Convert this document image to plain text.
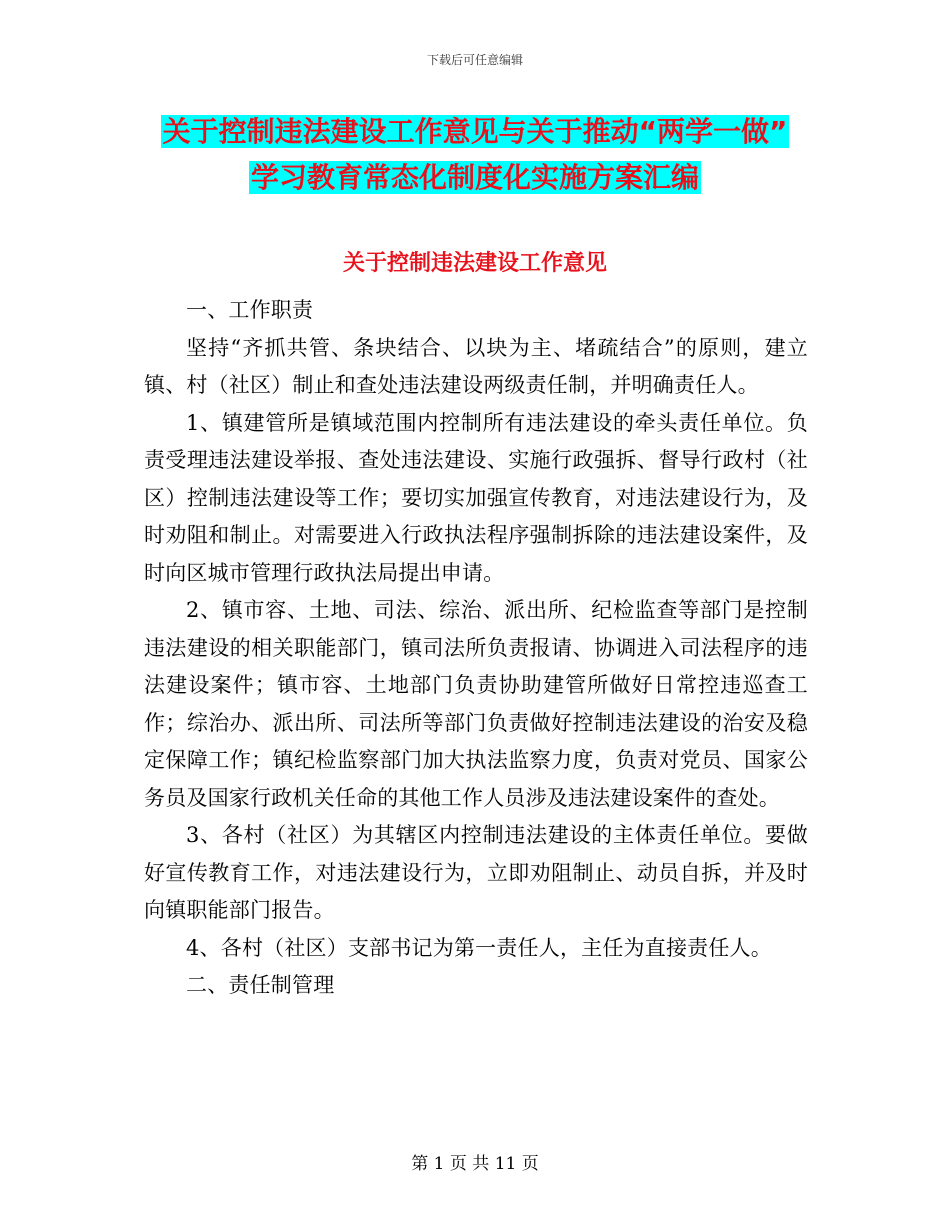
下载后可任意编辑
关于控制违法建设工作意见与关于推动“两学一做”
学习教育常态化制度化实施方案汇编
关于控制违法建设工作意见

一、工作职责

坚持“齐抓共管、条块结合、以块为主、堵疏结合”的原则，建立镇、村（社区）制止和查处违法建设两级责任制，并明确责任人。

1、镇建管所是镇域范围内控制所有违法建设的牵头责任单位。负责受理违法建设举报、查处违法建设、实施行政强拆、督导行政村（社区）控制违法建设等工作；要切实加强宣传教育，对违法建设行为，及时劝阻和制止。对需要进入行政执法程序强制拆除的违法建设案件，及时向区城市管理行政执法局提出申请。

2、镇市容、土地、司法、综治、派出所、纪检监查等部门是控制违法建设的相关职能部门，镇司法所负责报请、协调进入司法程序的违法建设案件；镇市容、土地部门负责协助建管所做好日常控违巡查工作；综治办、派出所、司法所等部门负责做好控制违法建设的治安及稳定保障工作；镇纪检监察部门加大执法监察力度，负责对党员、国家公务员及国家行政机关任命的其他工作人员涉及违法建设案件的查处。

3、各村（社区）为其辖区内控制违法建设的主体责任单位。要做好宣传教育工作，对违法建设行为，立即劝阻制止、动员自拆，并及时向镇职能部门报告。

4、各村（社区）支部书记为第一责任人，主任为直接责任人。

二、责任制管理

第 1 页 共 11 页
